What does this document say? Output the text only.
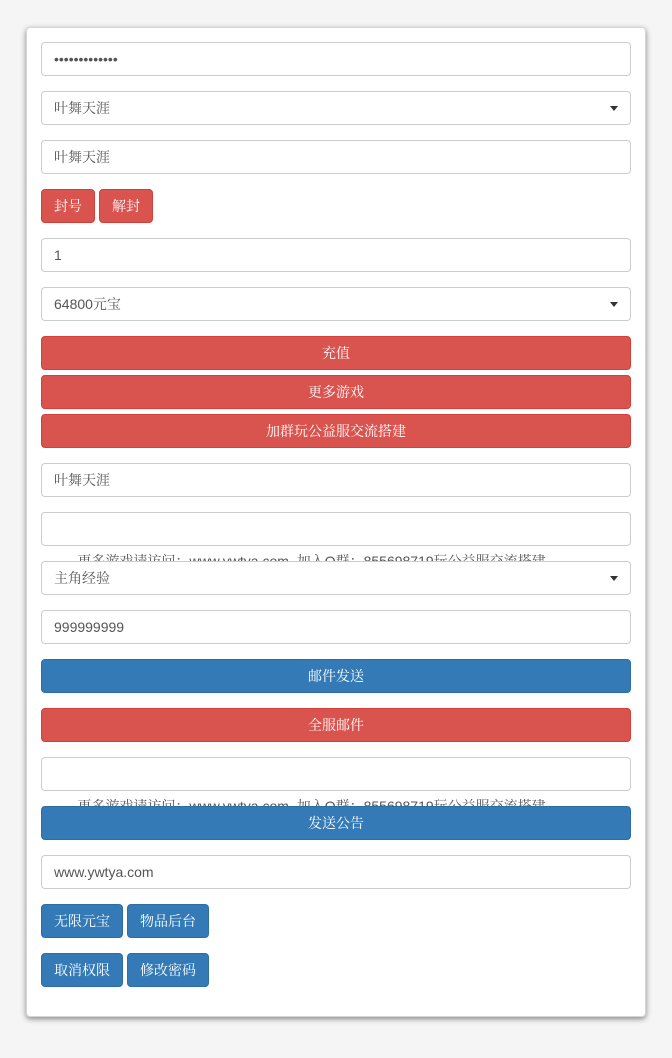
•••••••••••••
叶舞天涯
叶舞天涯
封号	解封
1
64800元宝
充值
更多游戏
加群玩公益服交流搭建
叶舞天涯

主角经验
999999999
邮件发送
全服邮件

发送公告
www.ywtya.com
无限元宝	物品后台
取消权限	修改密码
